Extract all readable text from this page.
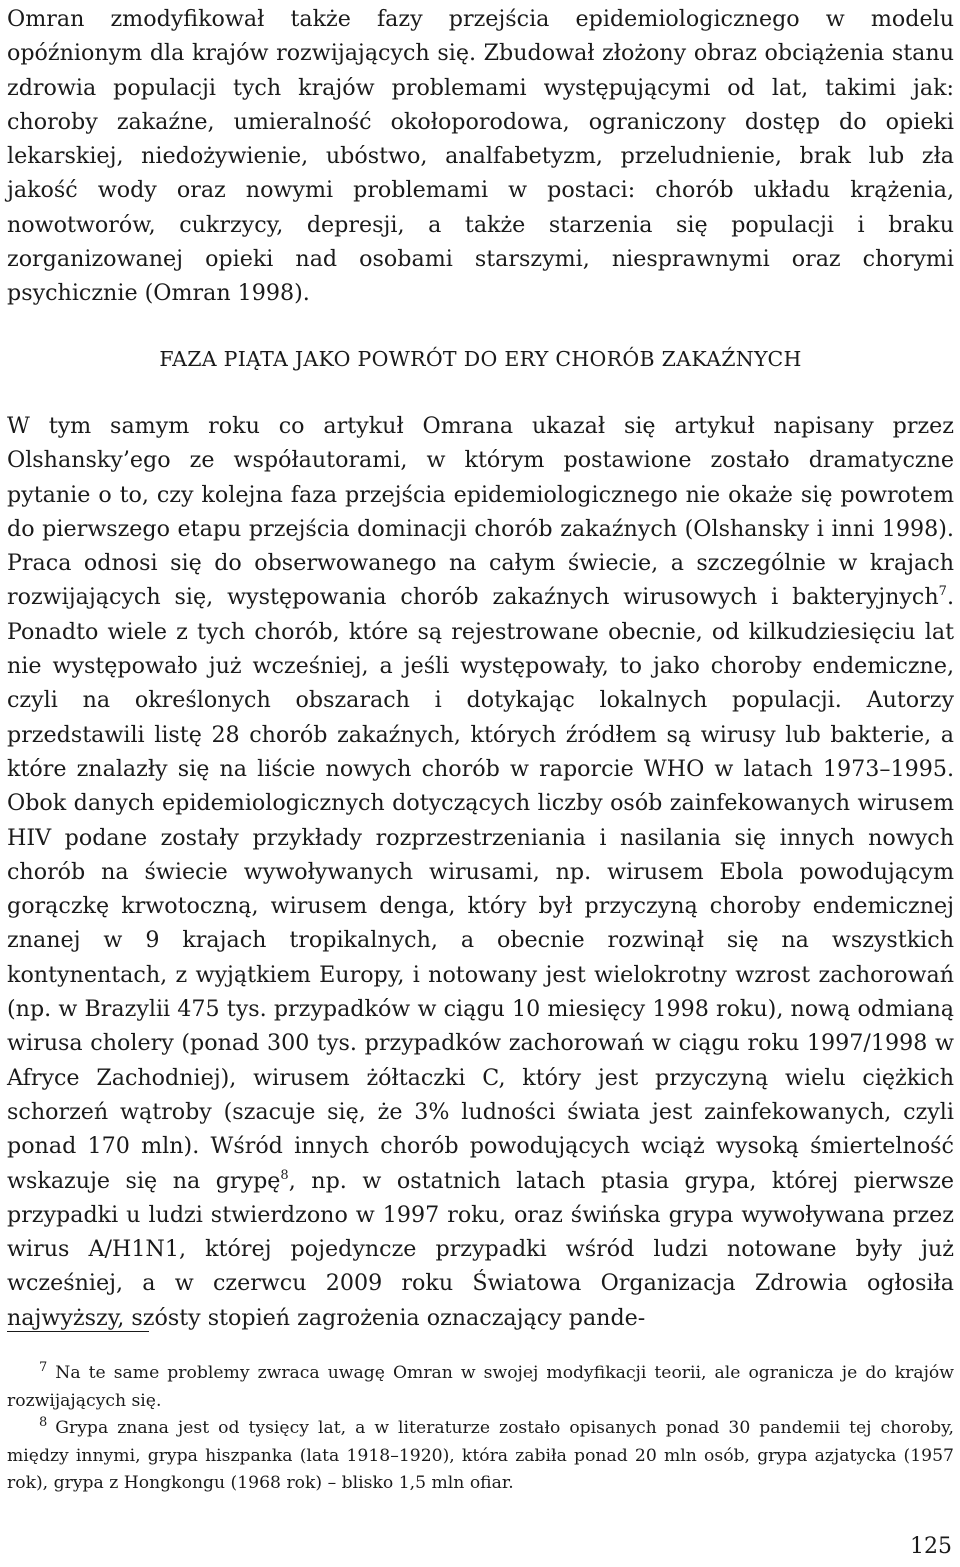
Omran zmodyfikował także fazy przejścia epidemiologicznego w modelu opóźnionym dla krajów rozwijających się. Zbudował złożony obraz obciążenia stanu zdrowia populacji tych krajów problemami występującymi od lat, takimi jak: choroby zakaźne, umieralność okołoporodowa, ograniczony dostęp do opieki lekarskiej, niedożywienie, ubóstwo, analfabetyzm, przeludnienie, brak lub zła jakość wody oraz nowymi problemami w postaci: chorób układu krążenia, nowotworów, cukrzycy, depresji, a także starzenia się populacji i braku zorganizowanej opieki nad osobami starszymi, niesprawnymi oraz chorymi psychicznie (Omran 1998).

FAZA PIĄTA JAKO POWRÓT DO ERY CHORÓB ZAKAŹNYCH

W tym samym roku co artykuł Omrana ukazał się artykuł napisany przez Olshansky’ego ze współautorami, w którym postawione zostało dramatyczne pytanie o to, czy kolejna faza przejścia epidemiologicznego nie okaże się powrotem do pierwszego etapu przejścia dominacji chorób zakaźnych (Olshansky i inni 1998). Praca odnosi się do obserwowanego na całym świecie, a szczególnie w krajach rozwijających się, występowania chorób zakaźnych wirusowych i bakteryjnych$^7$. Ponadto wiele z tych chorób, które są rejestrowane obecnie, od kilkudziesięciu lat nie występowało już wcześniej, a jeśli występowały, to jako choroby endemiczne, czyli na określonych obszarach i dotykając lokalnych populacji. Autorzy przedstawili listę 28 chorób zakaźnych, których źródłem są wirusy lub bakterie, a które znalazły się na liście nowych chorób w raporcie WHO w latach 1973–1995. Obok danych epidemiologicznych dotyczących liczby osób zainfekowanych wirusem HIV podane zostały przykłady rozprzestrzeniania i nasilania się innych nowych chorób na świecie wywoływanych wirusami, np. wirusem Ebola powodującym gorączkę krwotoczną, wirusem denga, który był przyczyną choroby endemicznej znanej w 9 krajach tropikalnych, a obecnie rozwinął się na wszystkich kontynentach, z wyjątkiem Europy, i notowany jest wielokrotny wzrost zachorowań (np. w Brazylii 475 tys. przypadków w ciągu 10 miesięcy 1998 roku), nową odmianą wirusa cholery (ponad 300 tys. przypadków zachorowań w ciągu roku 1997/1998 w Afryce Zachodniej), wirusem żółtaczki C, który jest przyczyną wielu ciężkich schorzeń wątroby (szacuje się, że 3% ludności świata jest zainfekowanych, czyli ponad 170 mln). Wśród innych chorób powodujących wciąż wysoką śmiertelność wskazuje się na grypę$^8$, np. w ostatnich latach ptasia grypa, której pierwsze przypadki u ludzi stwierdzono w 1997 roku, oraz świńska grypa wywoływana przez wirus A/H1N1, której pojedyncze przypadki wśród ludzi notowane były już wcześniej, a w czerwcu 2009 roku Światowa Organizacja Zdrowia ogłosiła najwyższy, szósty stopień zagrożenia oznaczający pande-

7 Na te same problemy zwraca uwagę Omran w swojej modyfikacji teorii, ale ogranicza je do krajów rozwijających się.

8 Grypa znana jest od tysięcy lat, a w literaturze zostało opisanych ponad 30 pandemii tej choroby, między innymi, grypa hiszpanka (lata 1918–1920), która zabiła ponad 20 mln osób, grypa azjatycka (1957 rok), grypa z Hongkongu (1968 rok) – blisko 1,5 mln ofiar.

125
